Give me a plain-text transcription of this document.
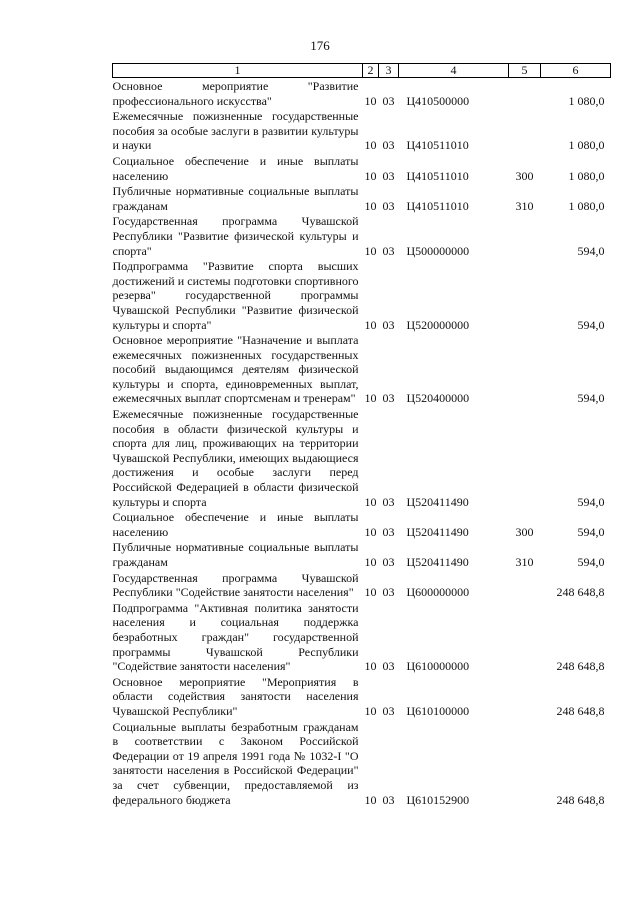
176
1	2	3	4	5	6
Основное мероприятие "Развитие профессионального искусства"	10	03	Ц410500000		1 080,0
Ежемесячные пожизненные государственные пособия за особые заслуги в развитии культуры и науки	10	03	Ц410511010		1 080,0
Социальное обеспечение и иные выплаты населению	10	03	Ц410511010	300	1 080,0
Публичные нормативные социальные выплаты гражданам	10	03	Ц410511010	310	1 080,0
Государственная программа Чувашской Республики "Развитие физической культуры и спорта"	10	03	Ц500000000		594,0
Подпрограмма "Развитие спорта высших достижений и системы подготовки спортивного резерва" государственной программы Чувашской Республики "Развитие физической культуры и спорта"	10	03	Ц520000000		594,0
Основное мероприятие "Назначение и выплата ежемесячных пожизненных государственных пособий выдающимся деятелям физической культуры и спорта, единовременных выплат, ежемесячных выплат спортсменам и тренерам"	10	03	Ц520400000		594,0
Ежемесячные пожизненные государственные пособия в области физической культуры и спорта для лиц, проживающих на территории Чувашской Республики, имеющих выдающиеся достижения и особые заслуги перед Российской Федерацией в области физической культуры и спорта	10	03	Ц520411490		594,0
Социальное обеспечение и иные выплаты населению	10	03	Ц520411490	300	594,0
Публичные нормативные социальные выплаты гражданам	10	03	Ц520411490	310	594,0
Государственная программа Чувашской Республики "Содействие занятости населения"	10	03	Ц600000000		248 648,8
Подпрограмма "Активная политика занятости населения и социальная поддержка безработных граждан" государственной программы Чувашской Республики "Содействие занятости населения"	10	03	Ц610000000		248 648,8
Основное мероприятие "Мероприятия в области содействия занятости населения Чувашской Республики"	10	03	Ц610100000		248 648,8
Социальные выплаты безработным гражданам в соответствии с Законом Российской Федерации от 19 апреля 1991 года № 1032-I "О занятости населения в Российской Федерации" за счет субвенции, предоставляемой из федерального бюджета	10	03	Ц610152900		248 648,8
